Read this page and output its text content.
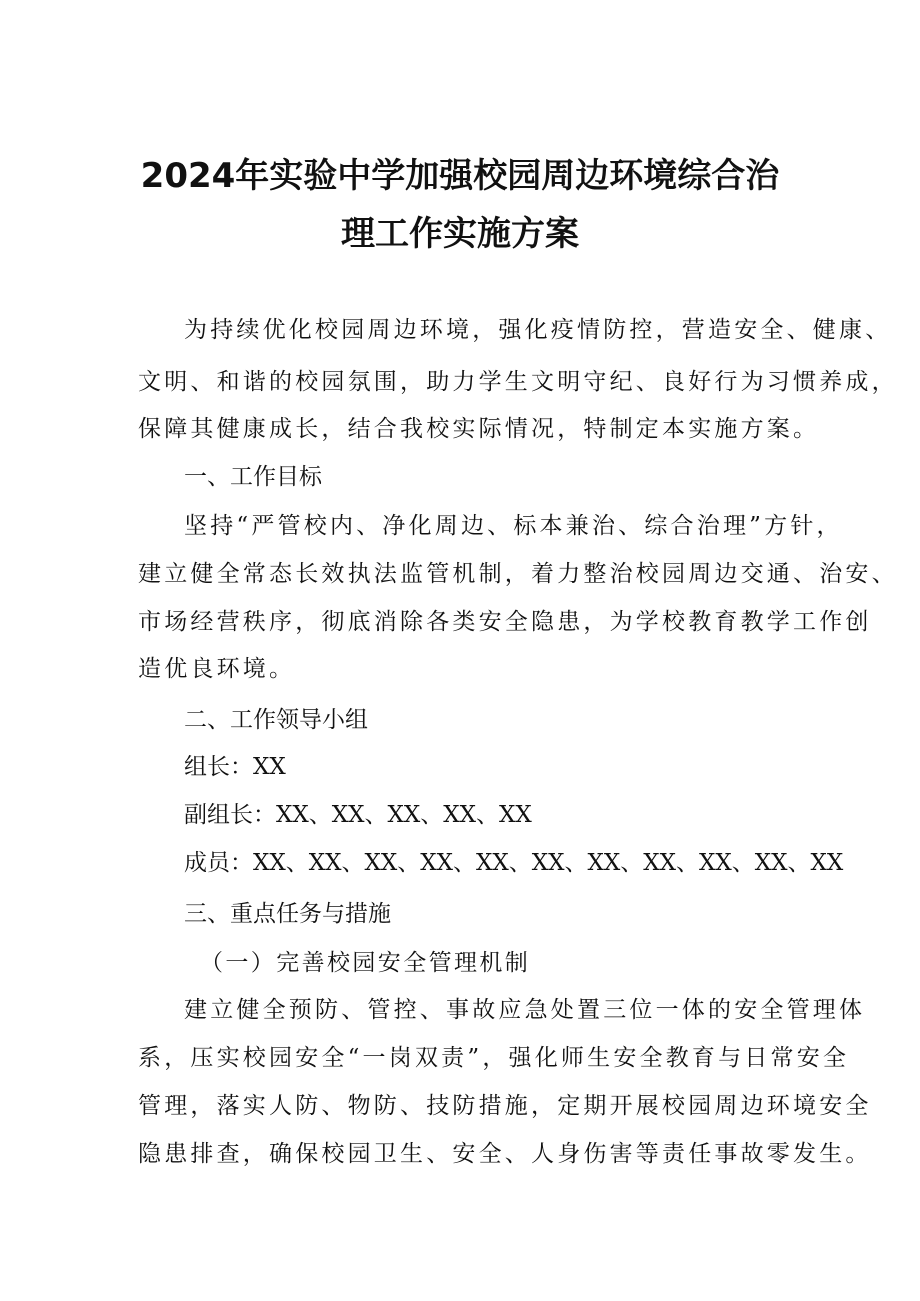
2024年实验中学加强校园周边环境综合治
理工作实施方案
为持续优化校园周边环境，强化疫情防控，营造安全、健康、
文明、和谐的校园氛围，助力学生文明守纪、良好行为习惯养成，
保障其健康成长，结合我校实际情况，特制定本实施方案。
一、工作目标
坚持“严管校内、净化周边、标本兼治、综合治理”方针，
建立健全常态长效执法监管机制，着力整治校园周边交通、治安、
市场经营秩序，彻底消除各类安全隐患，为学校教育教学工作创
造优良环境。
二、工作领导小组
组长：XX
副组长：XX、XX、XX、XX、XX
成员：XX、XX、XX、XX、XX、XX、XX、XX、XX、XX、XX
三、重点任务与措施
（一）完善校园安全管理机制
建立健全预防、管控、事故应急处置三位一体的安全管理体
系，压实校园安全“一岗双责”，强化师生安全教育与日常安全
管理，落实人防、物防、技防措施，定期开展校园周边环境安全
隐患排查，确保校园卫生、安全、人身伤害等责任事故零发生。
